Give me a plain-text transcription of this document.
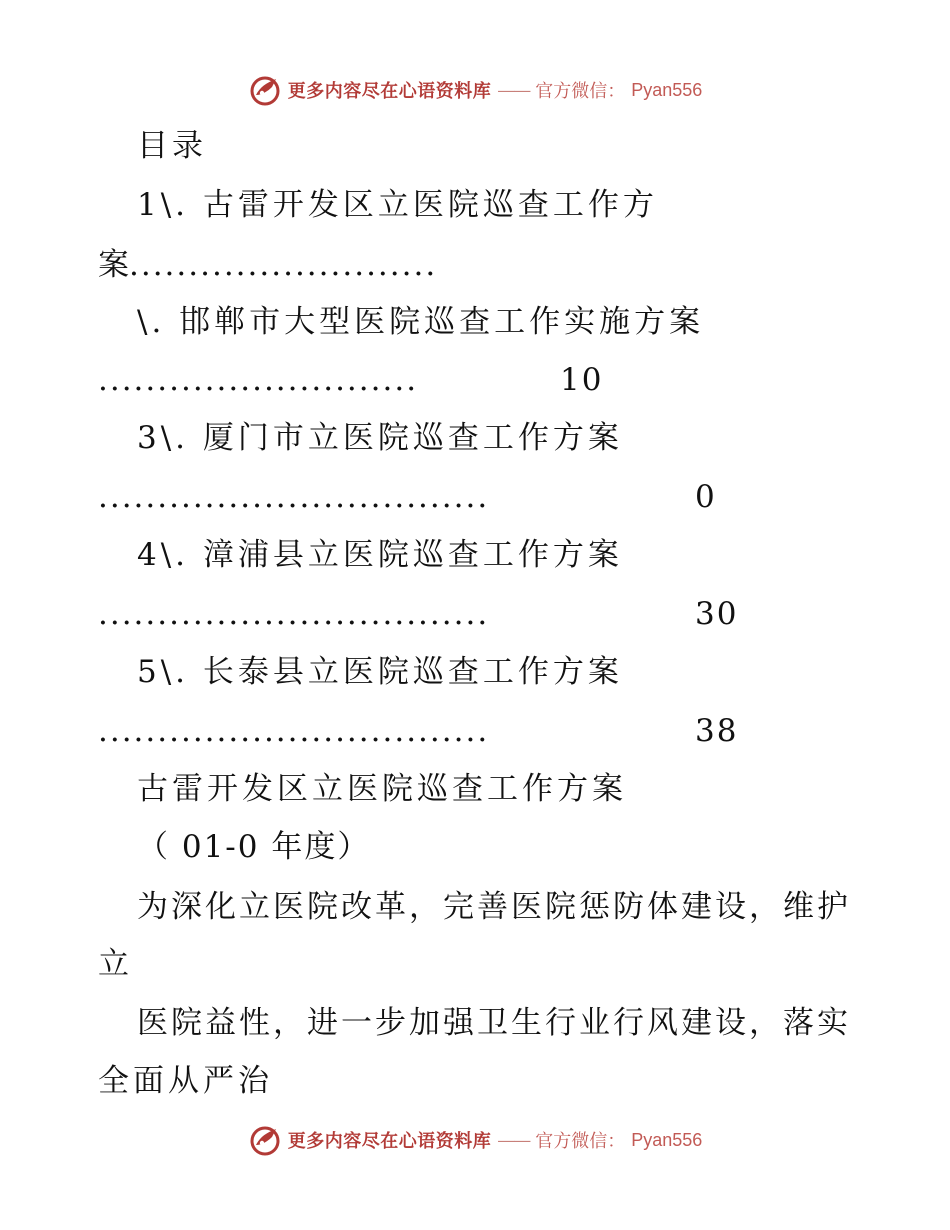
更多内容尽在心语资料库 —— 官方微信： Pyan556
目录
1\. 古雷开发区立医院巡查工作方
案..........................
\. 邯郸市大型医院巡查工作实施方案
...........................	10
3\. 厦门市立医院巡查工作方案
.................................	0
4\. 漳浦县立医院巡查工作方案
.................................	30
5\. 长泰县立医院巡查工作方案
.................................	38
古雷开发区立医院巡查工作方案
（ 01-0 年度）
为深化立医院改革，完善医院惩防体建设，维护
立
医院益性，进一步加强卫生行业行风建设，落实
全面从严治
更多内容尽在心语资料库 —— 官方微信： Pyan556
